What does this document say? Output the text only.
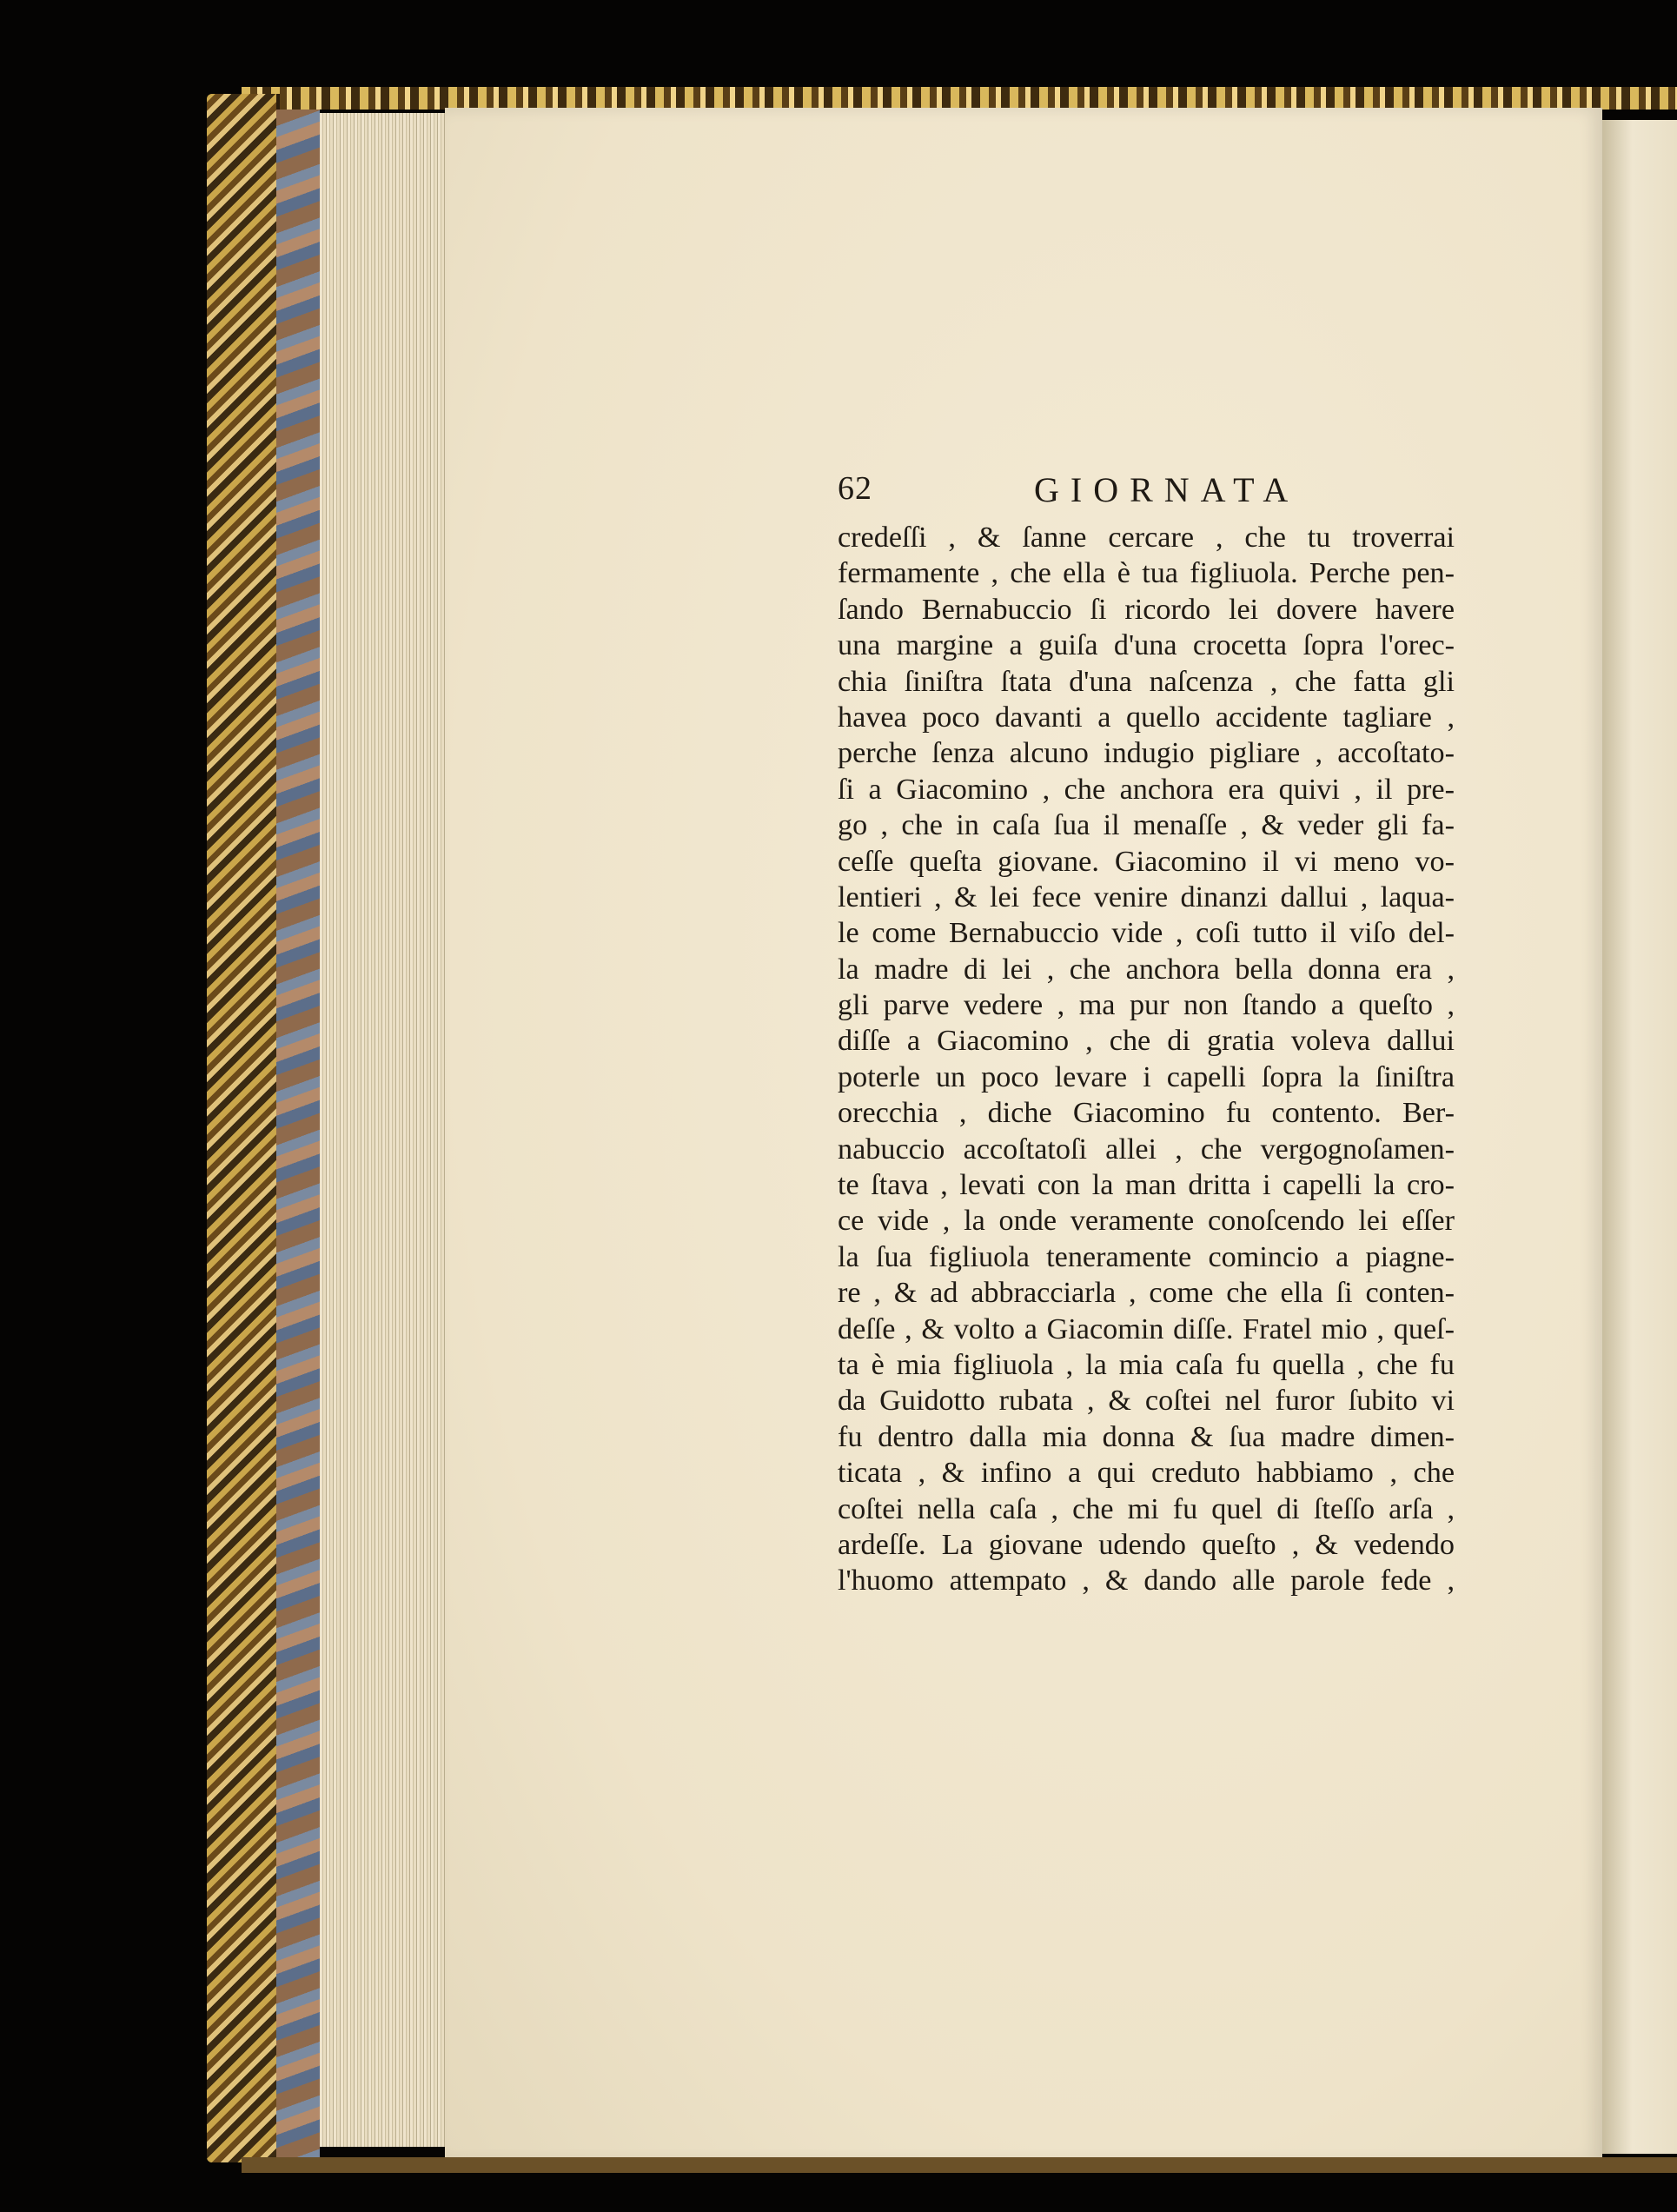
62	GIORNATA
credeſſi , & ſanne cercare , che tu troverrai
fermamente , che ella è tua figliuola. Perche pen-
ſando Bernabuccio ſi ricordo lei dovere havere
una margine a guiſa d'una crocetta ſopra l'orec-
chia ſiniſtra ſtata d'una naſcenza , che fatta gli
havea poco davanti a quello accidente tagliare ,
perche ſenza alcuno indugio pigliare , accoſtato-
ſi a Giacomino , che anchora era quivi , il pre-
go , che in caſa ſua il menaſſe , & veder gli fa-
ceſſe queſta giovane. Giacomino il vi meno vo-
lentieri , & lei fece venire dinanzi dallui , laqua-
le come Bernabuccio vide , coſi tutto il viſo del-
la madre di lei , che anchora bella donna era ,
gli parve vedere , ma pur non ſtando a queſto ,
diſſe a Giacomino , che di gratia voleva dallui
poterle un poco levare i capelli ſopra la ſiniſtra
orecchia , diche Giacomino fu contento. Ber-
nabuccio accoſtatoſi allei , che vergognoſamen-
te ſtava , levati con la man dritta i capelli la cro-
ce vide , la onde veramente conoſcendo lei eſſer
la ſua figliuola teneramente comincio a piagne-
re , & ad abbracciarla , come che ella ſi conten-
deſſe , & volto a Giacomin diſſe. Fratel mio , queſ-
ta è mia figliuola , la mia caſa fu quella , che fu
da Guidotto rubata , & coſtei nel furor ſubito vi
fu dentro dalla mia donna & ſua madre dimen-
ticata , & infino a qui creduto habbiamo , che
coſtei nella caſa , che mi fu quel di ſteſſo arſa ,
ardeſſe. La giovane udendo queſto , & vedendo
l'huomo attempato , & dando alle parole fede ,
